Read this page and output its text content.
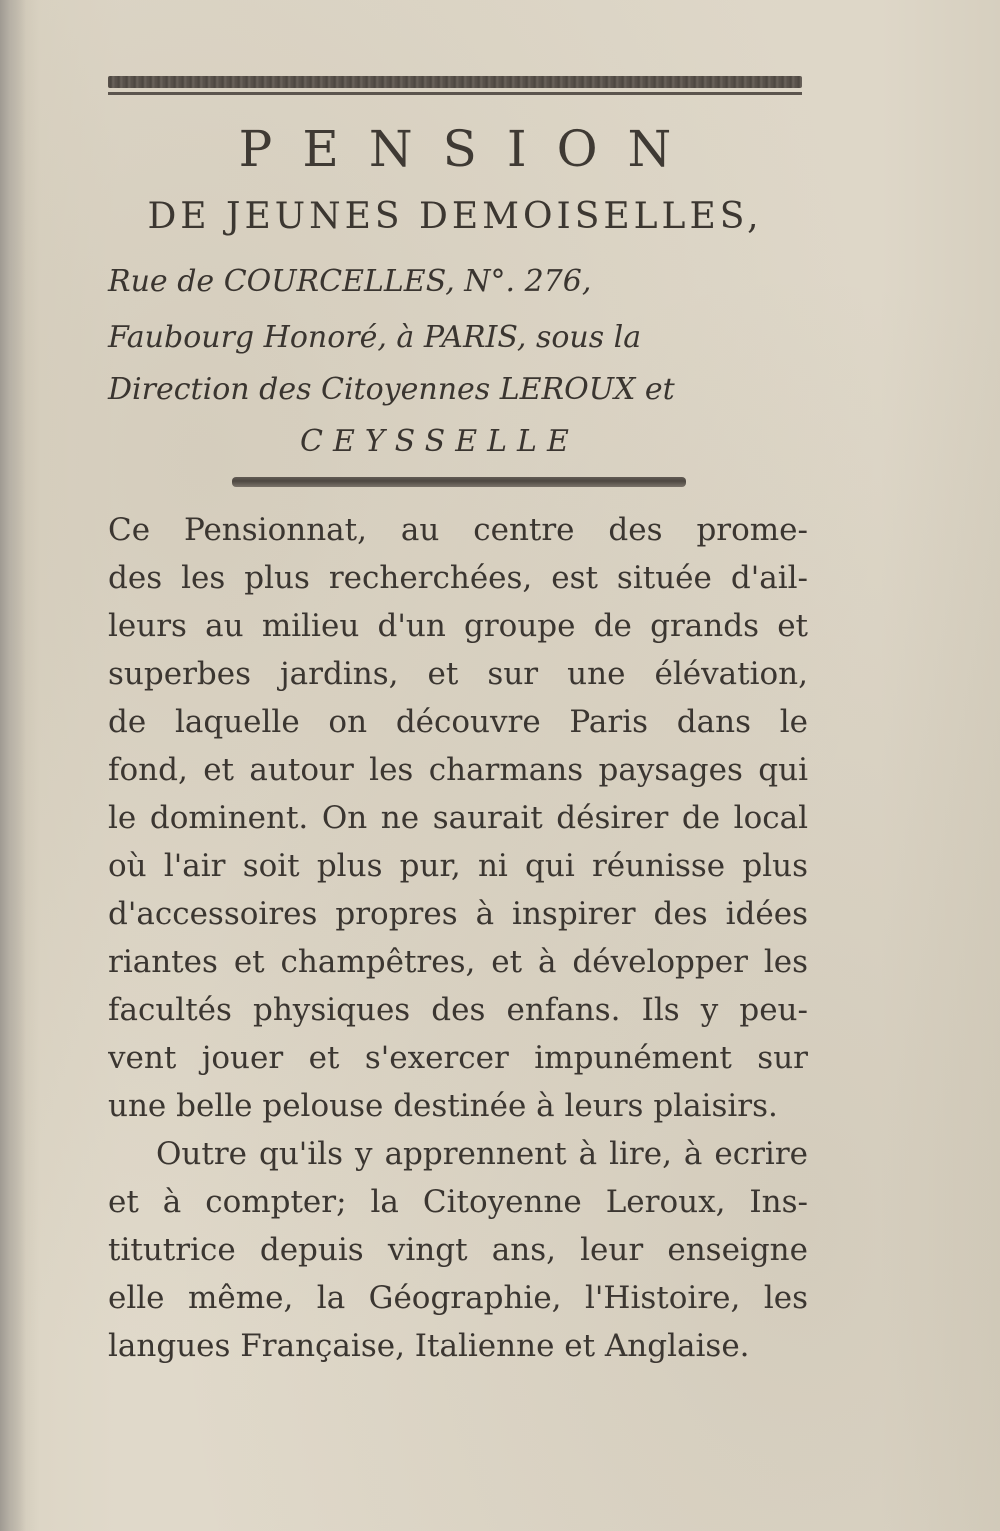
PENSION
DE JEUNES DEMOISELLES,
Rue de COURCELLES, N°. 276,
Faubourg Honoré, à PARIS, sous la
Direction des Citoyennes LEROUX et
CEYSSELLE
Ce Pensionnat, au centre des prome-
des les plus recherchées, est située d'ail-
leurs au milieu d'un groupe de grands et
superbes jardins, et sur une élévation,
de laquelle on découvre Paris dans le
fond, et autour les charmans paysages qui
le dominent. On ne saurait désirer de local
où l'air soit plus pur, ni qui réunisse plus
d'accessoires propres à inspirer des idées
riantes et champêtres, et à développer les
facultés physiques des enfans. Ils y peu-
vent jouer et s'exercer impunément sur
une belle pelouse destinée à leurs plaisirs.
Outre qu'ils y apprennent à lire, à ecrire
et à compter; la Citoyenne Leroux, Ins-
titutrice depuis vingt ans, leur enseigne
elle même, la Géographie, l'Histoire, les
langues Française, Italienne et Anglaise.
